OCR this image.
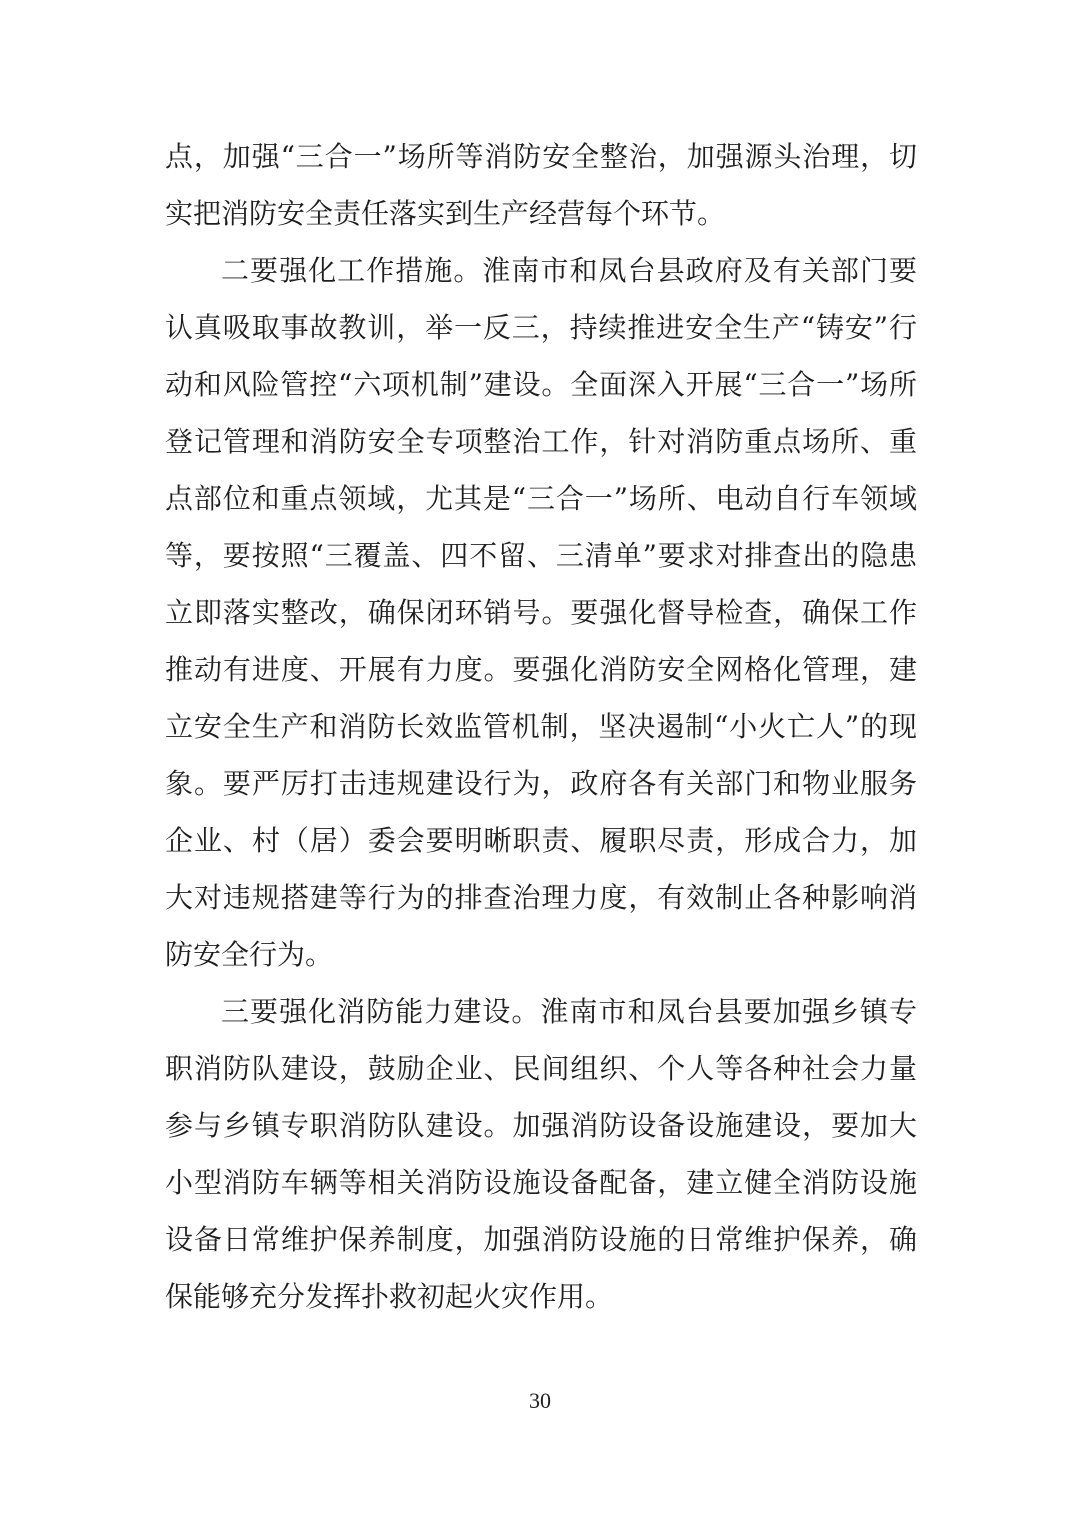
点，加强“三合一”场所等消防安全整治，加强源头治理，切
实把消防安全责任落实到生产经营每个环节。
二要强化工作措施。淮南市和凤台县政府及有关部门要
认真吸取事故教训，举一反三，持续推进安全生产“铸安”行
动和风险管控“六项机制”建设。全面深入开展“三合一”场所
登记管理和消防安全专项整治工作，针对消防重点场所、重
点部位和重点领域，尤其是“三合一”场所、电动自行车领域
等，要按照“三覆盖、四不留、三清单”要求对排查出的隐患
立即落实整改，确保闭环销号。要强化督导检查，确保工作
推动有进度、开展有力度。要强化消防安全网格化管理，建
立安全生产和消防长效监管机制，坚决遏制“小火亡人”的现
象。要严厉打击违规建设行为，政府各有关部门和物业服务
企业、村（居）委会要明晰职责、履职尽责，形成合力，加
大对违规搭建等行为的排查治理力度，有效制止各种影响消
防安全行为。
三要强化消防能力建设。淮南市和凤台县要加强乡镇专
职消防队建设，鼓励企业、民间组织、个人等各种社会力量
参与乡镇专职消防队建设。加强消防设备设施建设，要加大
小型消防车辆等相关消防设施设备配备，建立健全消防设施
设备日常维护保养制度，加强消防设施的日常维护保养，确
保能够充分发挥扑救初起火灾作用。
30
